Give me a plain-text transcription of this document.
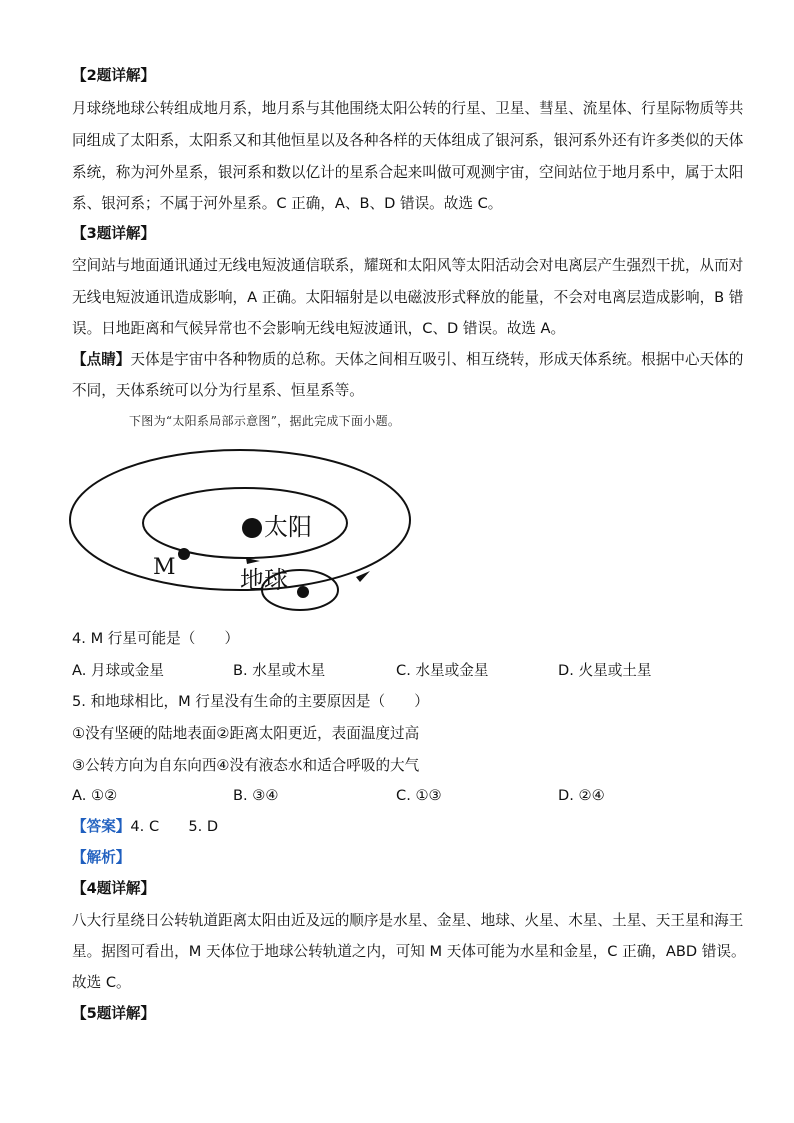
【2题详解】
月球绕地球公转组成地月系，地月系与其他围绕太阳公转的行星、卫星、彗星、流星体、行星际物质等共
同组成了太阳系，太阳系又和其他恒星以及各种各样的天体组成了银河系，银河系外还有许多类似的天体
系统，称为河外星系，银河系和数以亿计的星系合起来叫做可观测宇宙，空间站位于地月系中，属于太阳
系、银河系；不属于河外星系。C 正确，A、B、D 错误。故选 C。
【3题详解】
空间站与地面通讯通过无线电短波通信联系，耀斑和太阳风等太阳活动会对电离层产生强烈干扰，从而对
无线电短波通讯造成影响，A 正确。太阳辐射是以电磁波形式释放的能量，不会对电离层造成影响，B 错
误。日地距离和气候异常也不会影响无线电短波通讯，C、D 错误。故选 A。
【点睛】天体是宇宙中各种物质的总称。天体之间相互吸引、相互绕转，形成天体系统。根据中心天体的
不同，天体系统可以分为行星系、恒星系等。
下图为“太阳系局部示意图”，据此完成下面小题。
太阳
M	地球
4. M 行星可能是（　　）
A. 月球或金星	B. 水星或木星	C. 水星或金星	D. 火星或土星
5. 和地球相比，M 行星没有生命的主要原因是（　　）
①没有坚硬的陆地表面②距离太阳更近，表面温度过高
③公转方向为自东向西④没有液态水和适合呼吸的大气
A. ①②	B. ③④	C. ①③	D. ②④
【答案】4. C　　5. D
【解析】
【4题详解】
八大行星绕日公转轨道距离太阳由近及远的顺序是水星、金星、地球、火星、木星、土星、天王星和海王
星。据图可看出，M 天体位于地球公转轨道之内，可知 M 天体可能为水星和金星，C 正确，ABD 错误。
故选 C。
【5题详解】
